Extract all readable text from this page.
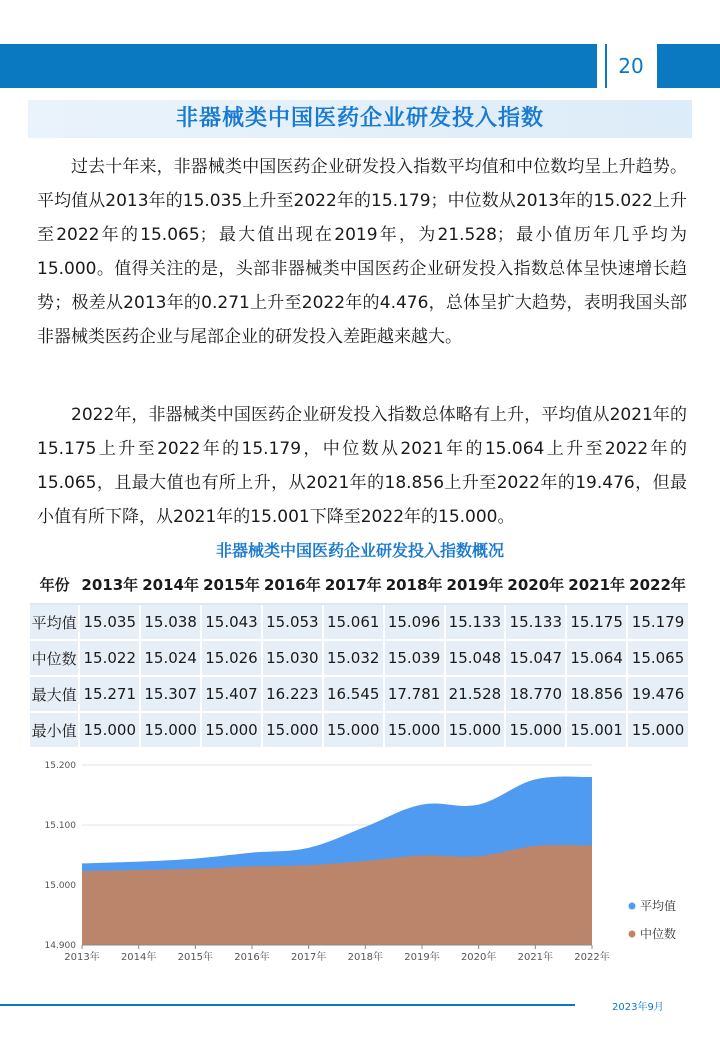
20
非器械类中国医药企业研发投入指数

过去十年来，非器械类中国医药企业研发投入指数平均值和中位数均呈上升趋势。平均值从2013年的15.035上升至2022年的15.179；中位数从2013年的15.022上升至2022年的15.065；最大值出现在2019年，为21.528；最小值历年几乎均为15.000。值得关注的是，头部非器械类中国医药企业研发投入指数总体呈快速增长趋势；极差从2013年的0.271上升至2022年的4.476，总体呈扩大趋势，表明我国头部非器械类医药企业与尾部企业的研发投入差距越来越大。

2022年，非器械类中国医药企业研发投入指数总体略有上升，平均值从2021年的15.175上升至2022年的15.179，中位数从2021年的15.064上升至2022年的15.065，且最大值也有所上升，从2021年的18.856上升至2022年的19.476，但最小值有所下降，从2021年的15.001下降至2022年的15.000。

非器械类中国医药企业研发投入指数概况
年份	2013年	2014年	2015年	2016年	2017年	2018年	2019年	2020年	2021年	2022年
平均值	15.035	15.038	15.043	15.053	15.061	15.096	15.133	15.133	15.175	15.179
中位数	15.022	15.024	15.026	15.030	15.032	15.039	15.048	15.047	15.064	15.065
最大值	15.271	15.307	15.407	16.223	16.545	17.781	21.528	18.770	18.856	19.476
最小值	15.000	15.000	15.000	15.000	15.000	15.000	15.000	15.000	15.001	15.000
14.900
15.000
15.100
15.200
2013年 2014年 2015年 2016年 2017年 2018年 2019年 2020年 2021年 2022年
平均值
中位数
2023年9月
